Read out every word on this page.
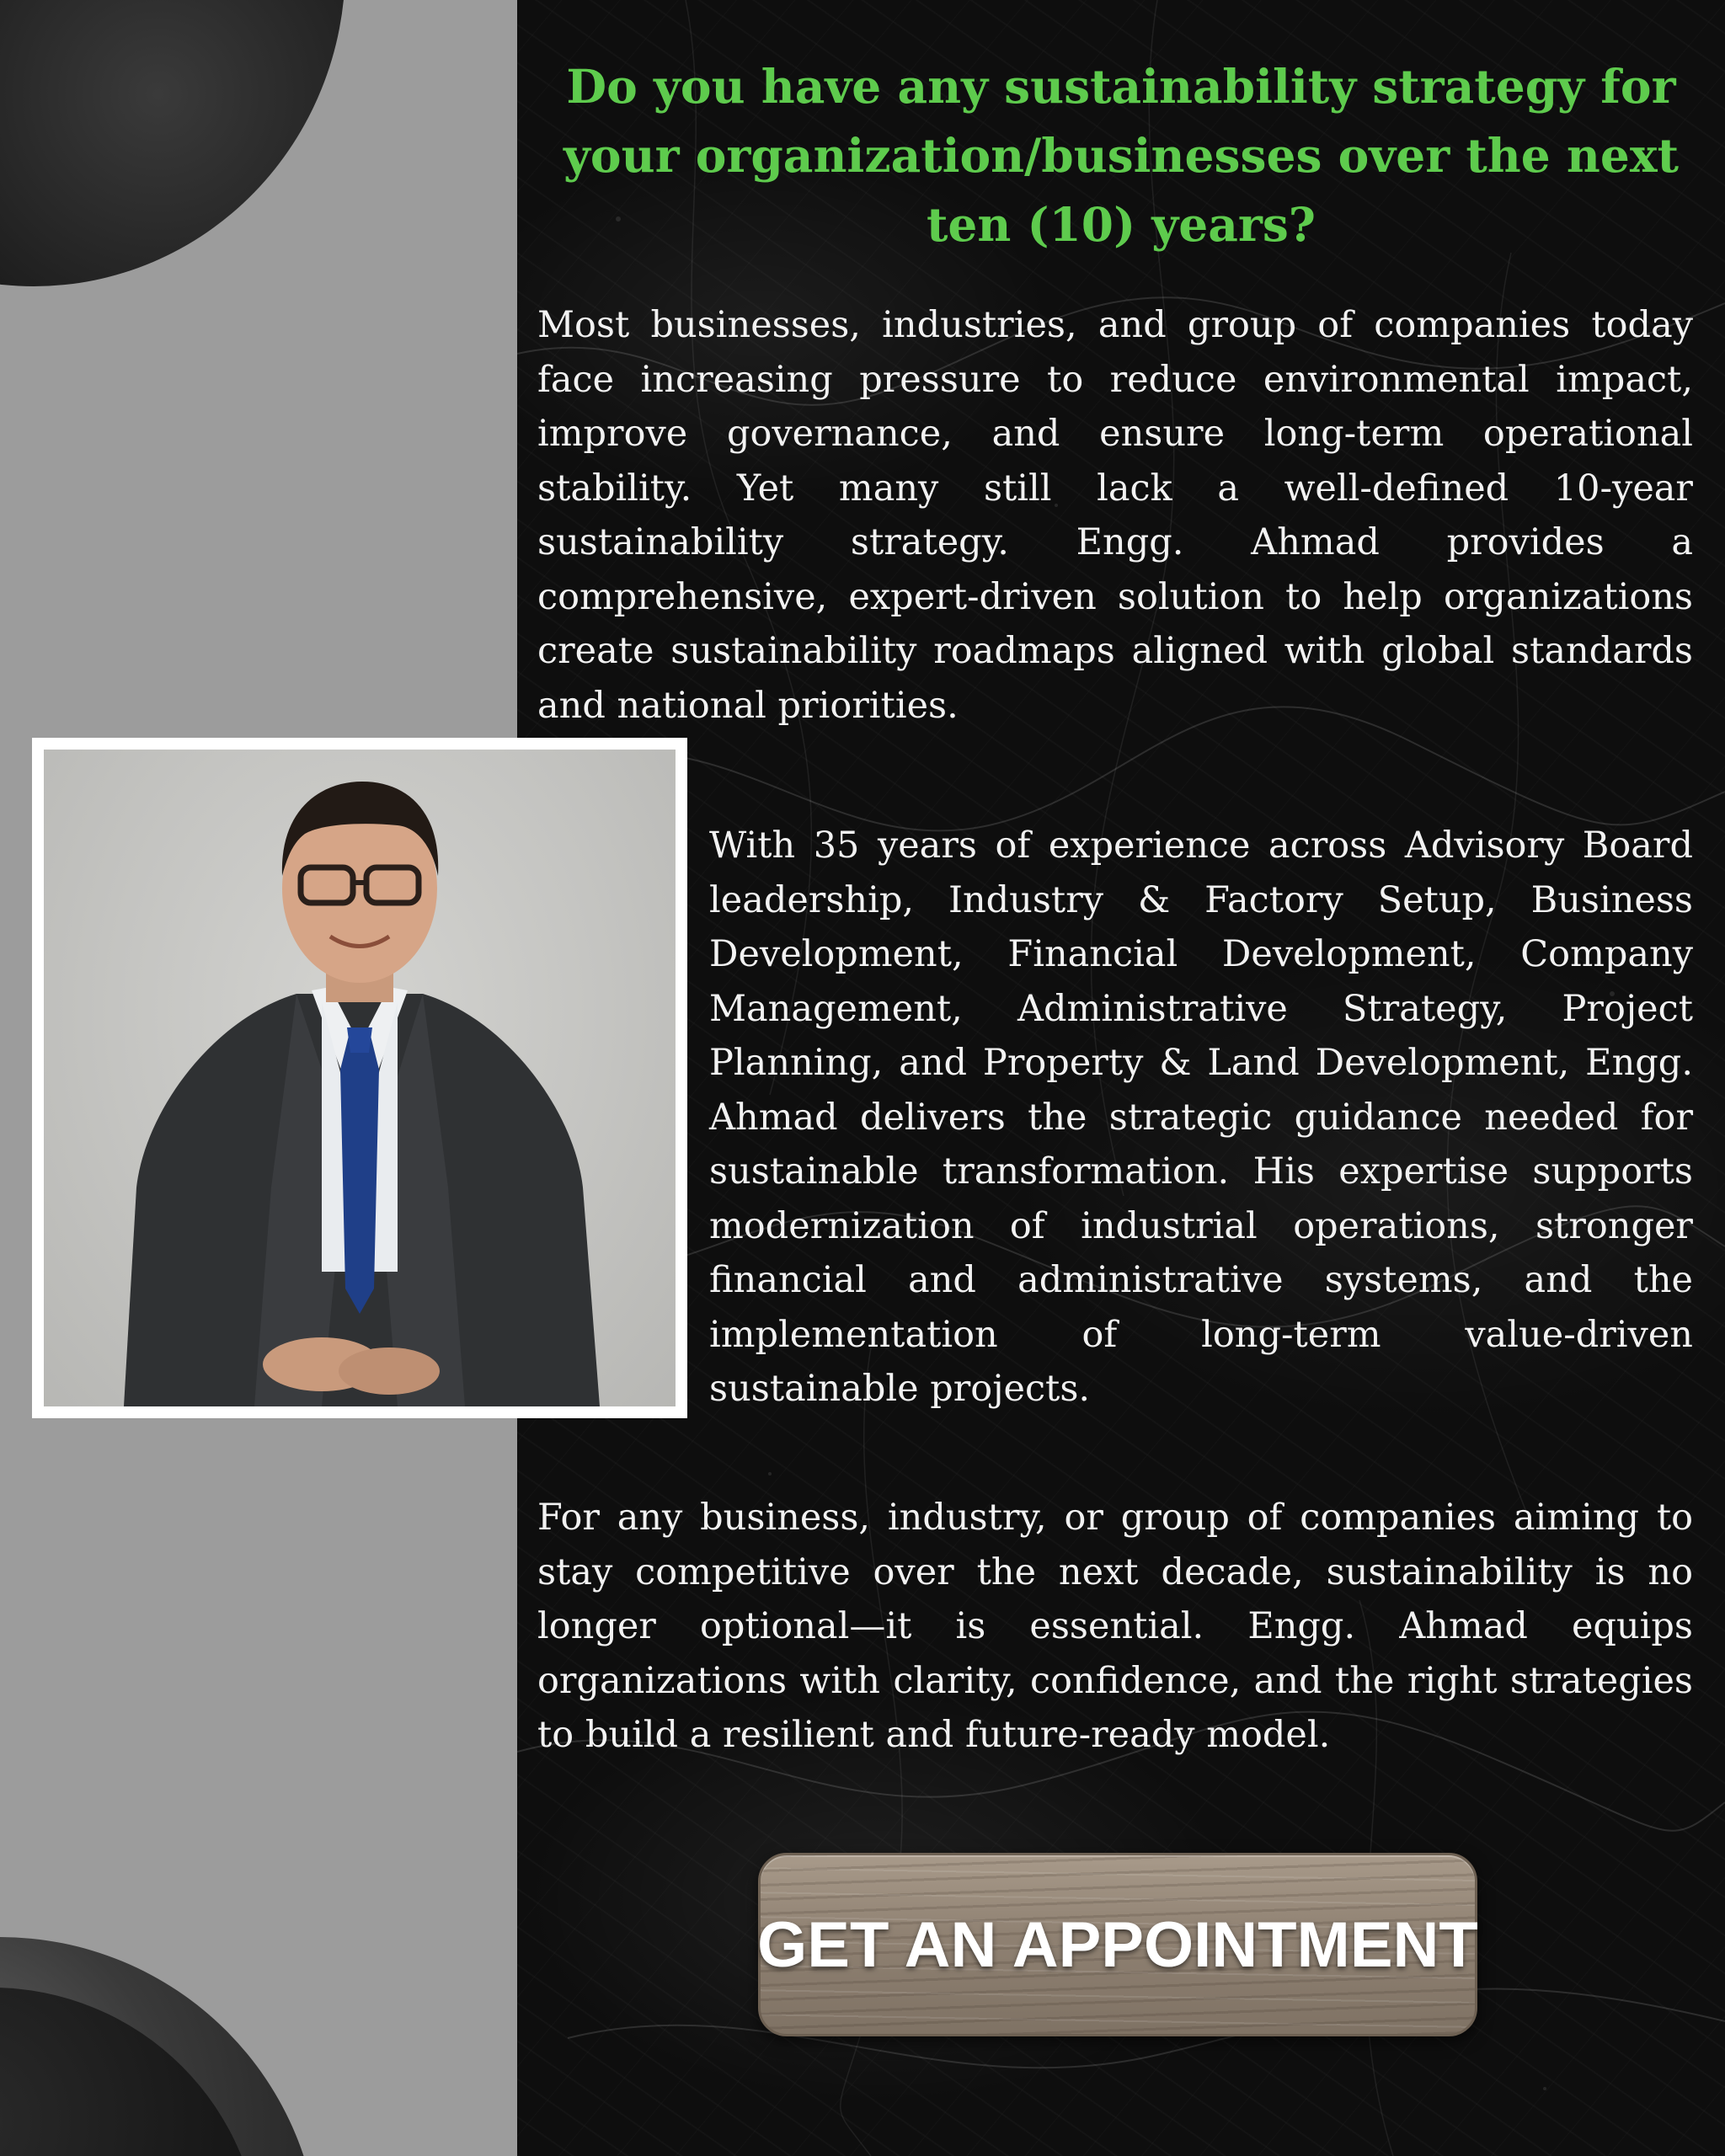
Do you have any sustainability strategy for your organization/businesses over the next ten (10) years?

Most businesses, industries, and group of companies today face increasing pressure to reduce environmental impact, improve governance, and ensure long-term operational stability. Yet many still lack a well-defined 10-year sustainability strategy. Engg. Ahmad provides a comprehensive, expert-driven solution to help organizations create sustainability roadmaps aligned with global standards and national priorities.

With 35 years of experience across Advisory Board leadership, Industry & Factory Setup, Business Development, Financial Development, Company Management, Administrative Strategy, Project Planning, and Property & Land Development, Engg. Ahmad delivers the strategic guidance needed for sustainable transformation. His expertise supports modernization of industrial operations, stronger financial and administrative systems, and the implementation of long-term value-driven sustainable projects.

For any business, industry, or group of companies aiming to stay competitive over the next decade, sustainability is no longer optional—it is essential. Engg. Ahmad equips organizations with clarity, confidence, and the right strategies to build a resilient and future-ready model.

GET AN APPOINTMENT
